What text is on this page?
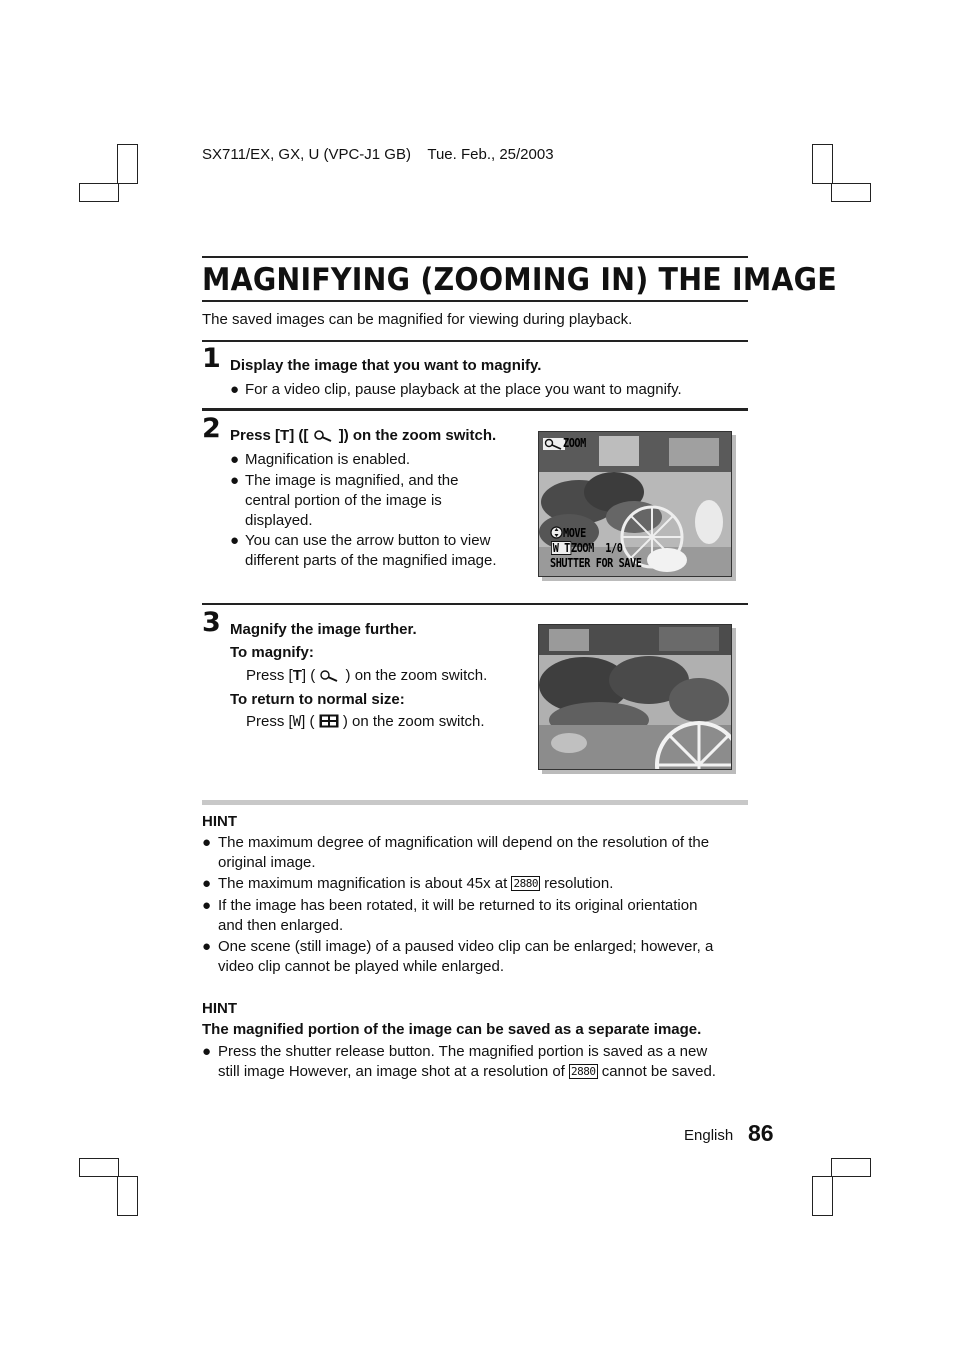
SX711/EX, GX, U (VPC-J1 GB)    Tue. Feb., 25/2003
MAGNIFYING (ZOOMING IN) THE IMAGE
The saved images can be magnified for viewing during playback.
1 Display the image that you want to magnify.
● For a video clip, pause playback at the place you want to magnify.
2 Press [T] ([ ]) on the zoom switch.
● Magnification is enabled.
● The image is magnified, and the
central portion of the image is
displayed.
● You can use the arrow button to view
different parts of the magnified image.
ZOOM
MOVE
W T ZOOM  1/0
SHUTTER FOR SAVE
3 Magnify the image further.
To magnify:
Press [T] ( ) on the zoom switch.
To return to normal size:
Press [W] ( ) on the zoom switch.
HINT
● The maximum degree of magnification will depend on the resolution of the
original image.
● The maximum magnification is about 45x at 2880 resolution.
● If the image has been rotated, it will be returned to its original orientation
and then enlarged.
● One scene (still image) of a paused video clip can be enlarged; however, a
video clip cannot be played while enlarged.
HINT
The magnified portion of the image can be saved as a separate image.
● Press the shutter release button. The magnified portion is saved as a new
still image However, an image shot at a resolution of 2880 cannot be saved.
English 86
